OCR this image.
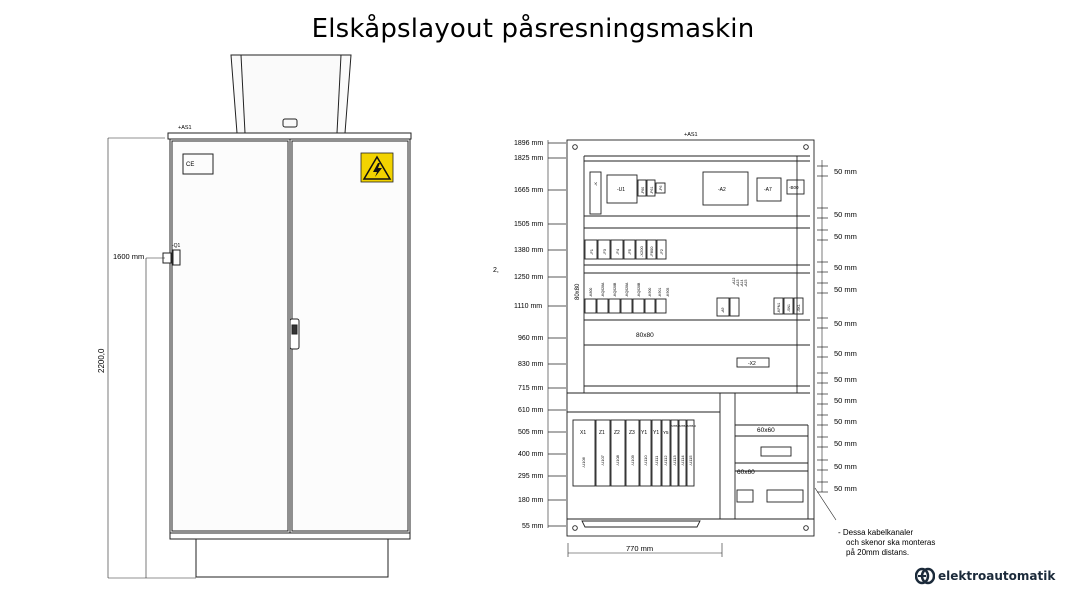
Elskåpslayout påsresningsmaskin
+AS1
CE
-Q1
1600 mm
2200,0
1896 mm
1825 mm
1665 mm
1505 mm
1380 mm
1250 mm
1110 mm
960 mm
830 mm
715 mm
610 mm
505 mm
400 mm
295 mm
180 mm
55 mm
50 mm
50 mm
50 mm
50 mm
50 mm
50 mm
50 mm
50 mm
50 mm
50 mm
50 mm
50 mm
50 mm
+AS1
2,
770 mm
80x80
80x80
60x60
60x60
-K
-U1	-F60 -P61 -P6	-A2	-A7	-B00
-F1 -F3 -F4 -F5 -X200 -F800 -F2
-K800 -KQ628A -KQ628B -KQ628A -KQ628B -K900 -K901 -K905
-A9
-A12 -A13 -A14 -A15
-KPN1 -SN1 -SK1
-X2
X1	Z1 Z2 Z3 Y1 Y1 Y5
MTB 1 MTB 2 MTB 3
-U106	-U107	-U108	-U109 -U110 -U111 -U112 -U113 -U114 -U115
- Dessa kabelkanaler
och skenor ska monteras
på 20mm distans.
elektroautomatik
